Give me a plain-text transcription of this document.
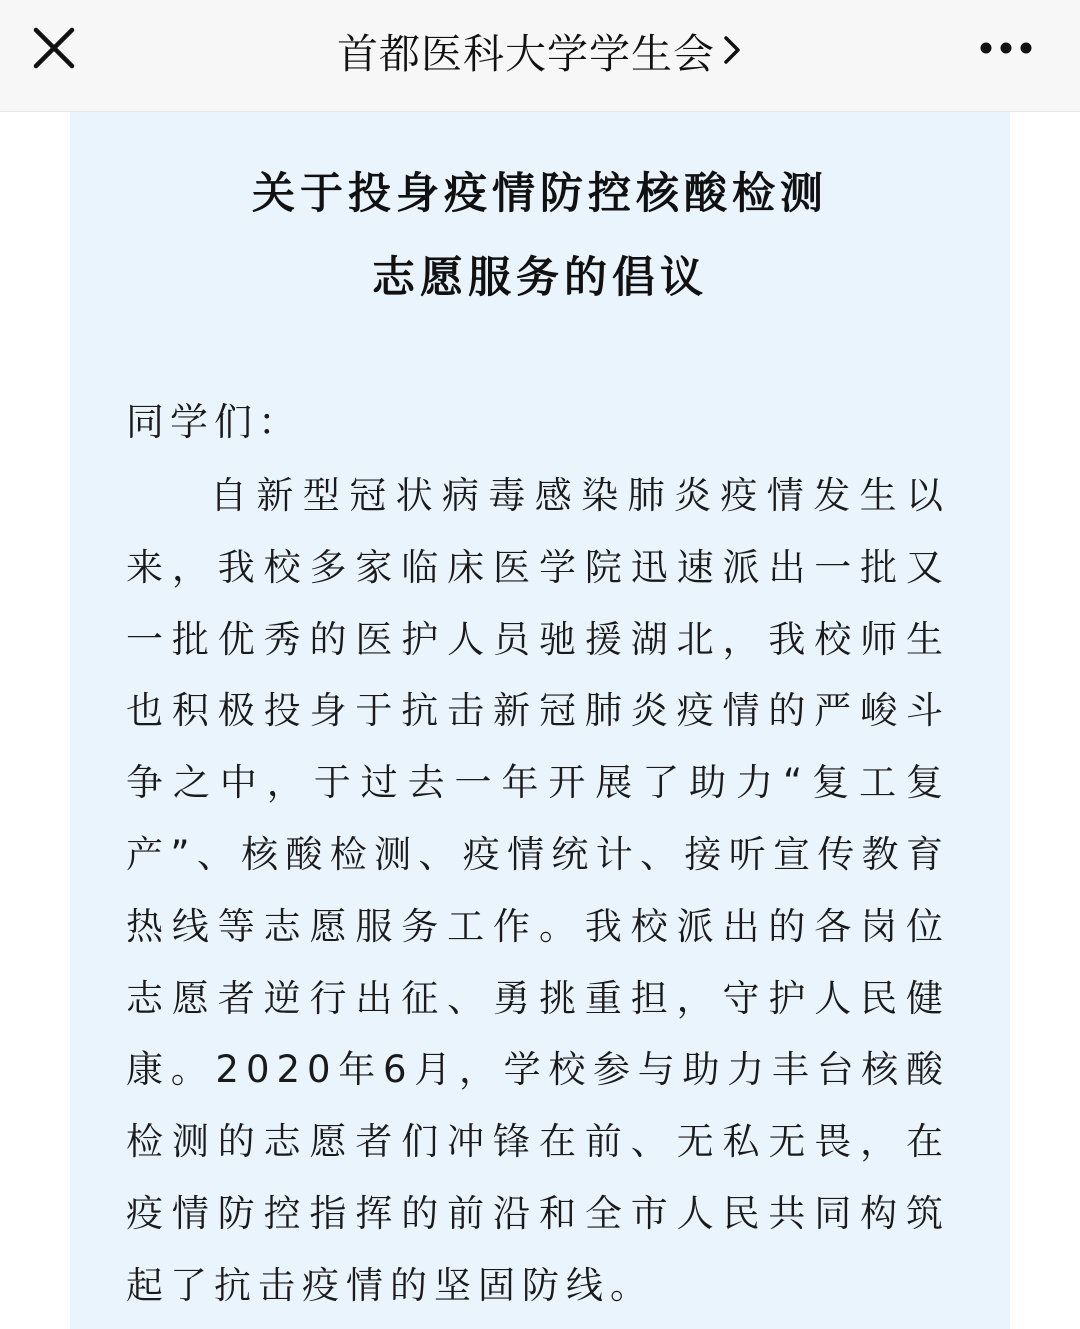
首都医科大学学生会
关于投身疫情防控核酸检测
志愿服务的倡议
同学们：
自新型冠状病毒感染肺炎疫情发生以来，我校多家临床医学院迅速派出一批又一批优秀的医护人员驰援湖北，我校师生也积极投身于抗击新冠肺炎疫情的严峻斗争之中，于过去一年开展了助力“复工复产”、核酸检测、疫情统计、接听宣传教育热线等志愿服务工作。我校派出的各岗位志愿者逆行出征、勇挑重担，守护人民健康。2020年6月，学校参与助力丰台核酸检测的志愿者们冲锋在前、无私无畏，在疫情防控指挥的前沿和全市人民共同构筑起了抗击疫情的坚固防线。
